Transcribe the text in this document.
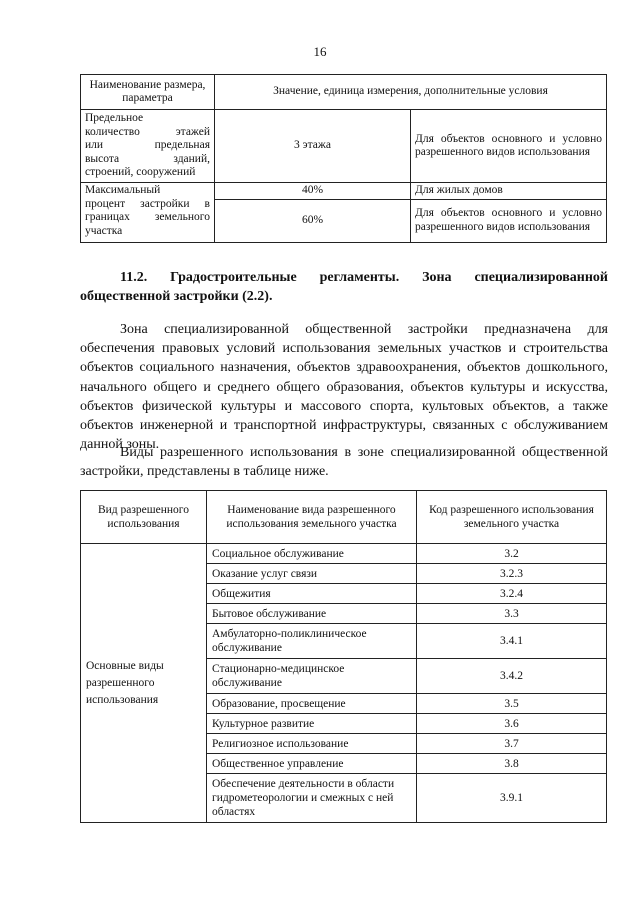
16
Наименование размера, параметра	Значение, единица измерения, дополнительные условия	

Предельное
количество этажей
или предельная
высота зданий,
строений, сооружений	3 этажа	Для объектов основного и условно разрешенного видов использования

Максимальный
процент застройки в
границах земельного
участка	40%	Для жилых домов
	60%	Для объектов основного и условно разрешенного видов использования
11.2. Градостроительные регламенты. Зона специализированной общественной застройки (2.2).

Зона специализированной общественной застройки предназначена для обеспечения правовых условий использования земельных участков и строительства объектов социального назначения, объектов здравоохранения, объектов дошкольного, начального общего и среднего общего образования, объектов культуры и искусства, объектов физической культуры и массового спорта, культовых объектов, а также объектов инженерной и транспортной инфраструктуры, связанных с обслуживанием данной зоны.

Виды разрешенного использования в зоне специализированной общественной застройки, представлены в таблице ниже.

Вид разрешенного использования	Наименование вида разрешенного использования земельного участка	Код разрешенного использования земельного участка
Основные виды разрешенного использования	Социальное обслуживание	3.2
	Оказание услуг связи	3.2.3
	Общежития	3.2.4
	Бытовое обслуживание	3.3
	Амбулаторно-поликлиническое обслуживание	3.4.1
	Стационарно-медицинское обслуживание	3.4.2
	Образование, просвещение	3.5
	Культурное развитие	3.6
	Религиозное использование	3.7
	Общественное управление	3.8
	Обеспечение деятельности в области гидрометеорологии и смежных с ней областях	3.9.1
